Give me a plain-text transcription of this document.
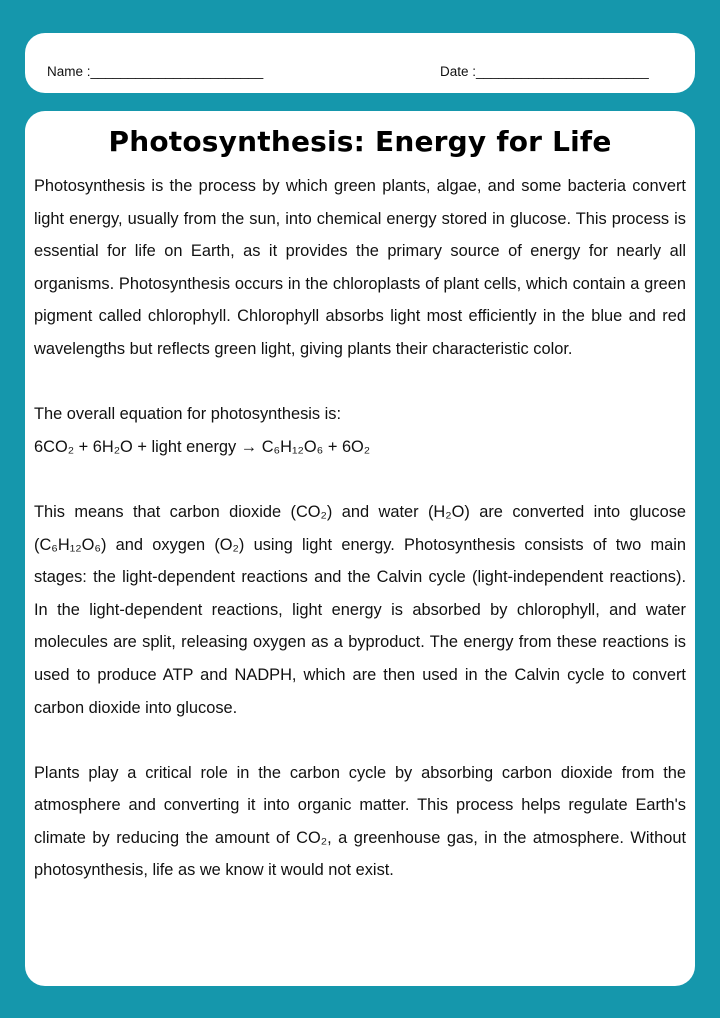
Name :_______________________	Date :_______________________
Photosynthesis: Energy for Life

Photosynthesis is the process by which green plants, algae, and some bacteria convert light energy, usually from the sun, into chemical energy stored in glucose. This process is essential for life on Earth, as it provides the primary source of energy for nearly all organisms. Photosynthesis occurs in the chloroplasts of plant cells, which contain a green pigment called chlorophyll. Chlorophyll absorbs light most efficiently in the blue and red wavelengths but reflects green light, giving plants their characteristic color.

The overall equation for photosynthesis is:
6CO₂ + 6H₂O + light energy → C₆H₁₂O₆ + 6O₂

This means that carbon dioxide (CO₂) and water (H₂O) are converted into glucose (C₆H₁₂O₆) and oxygen (O₂) using light energy. Photosynthesis consists of two main stages: the light-dependent reactions and the Calvin cycle (light-independent reactions). In the light-dependent reactions, light energy is absorbed by chlorophyll, and water molecules are split, releasing oxygen as a byproduct. The energy from these reactions is used to produce ATP and NADPH, which are then used in the Calvin cycle to convert carbon dioxide into glucose.

Plants play a critical role in the carbon cycle by absorbing carbon dioxide from the atmosphere and converting it into organic matter. This process helps regulate Earth's climate by reducing the amount of CO₂, a greenhouse gas, in the atmosphere. Without photosynthesis, life as we know it would not exist.
